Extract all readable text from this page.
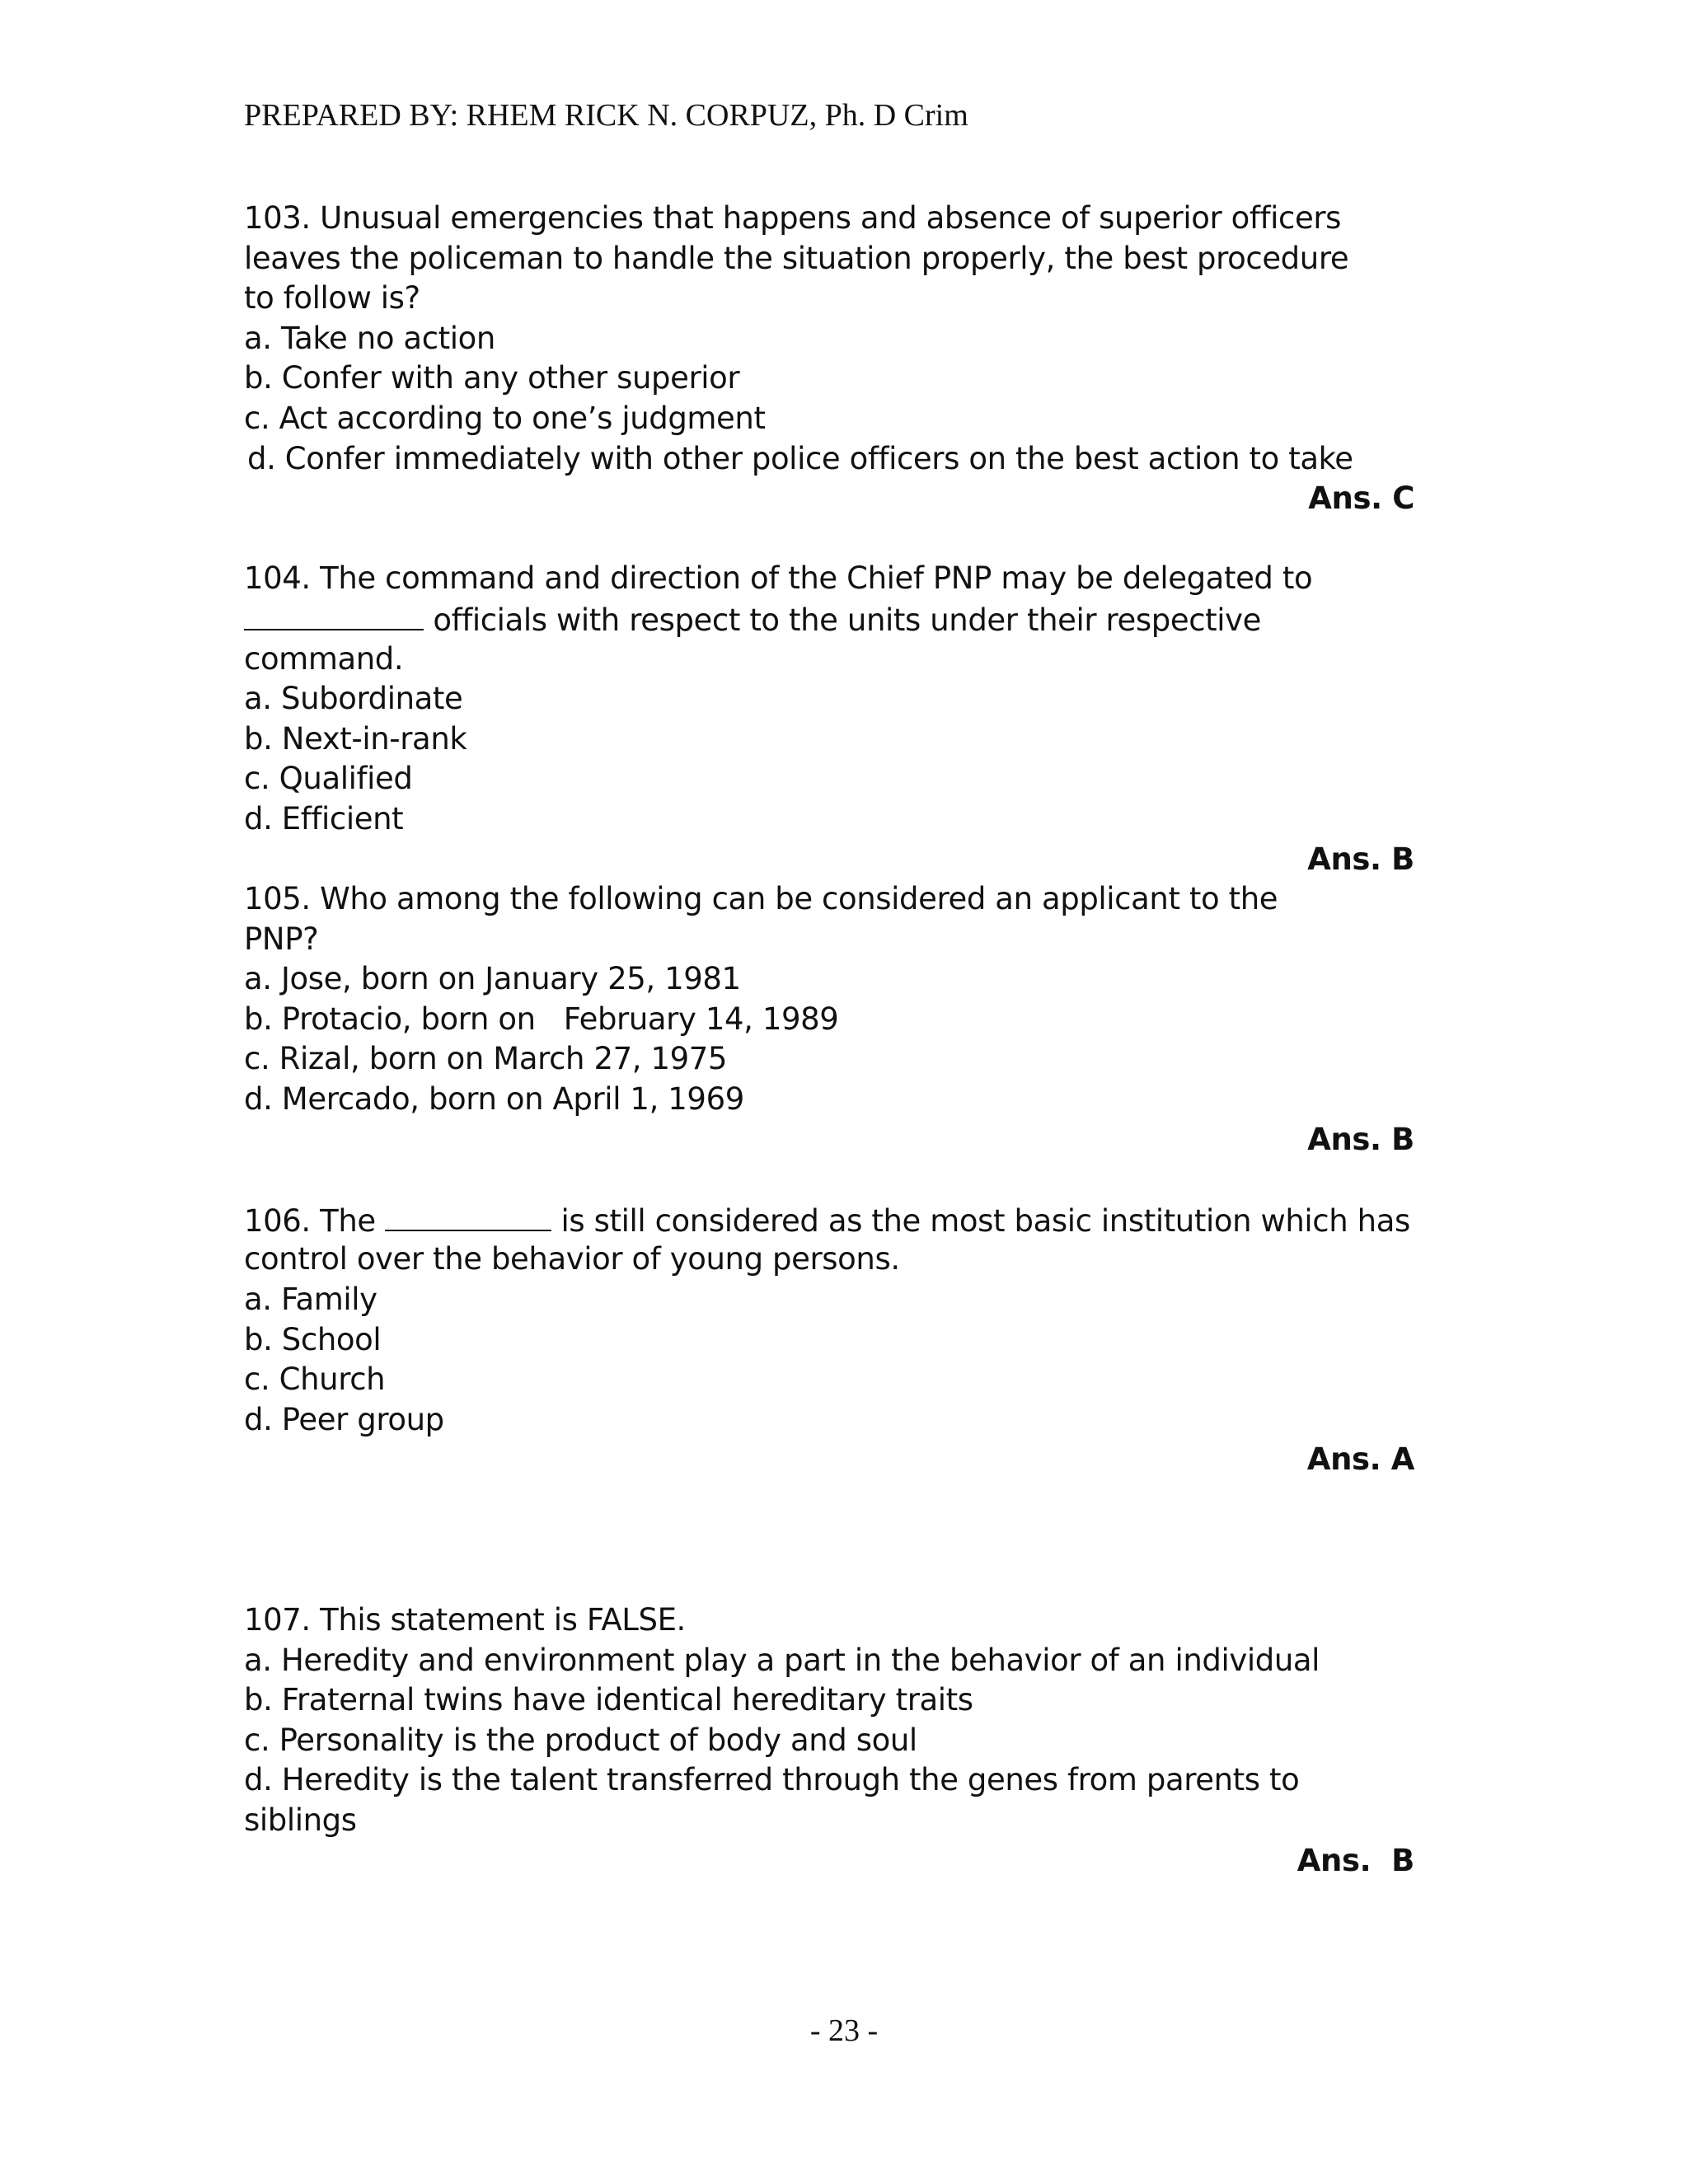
PREPARED BY: RHEM RICK N. CORPUZ, Ph. D Crim
103. Unusual emergencies that happens and absence of superior officers
leaves the policeman to handle the situation properly, the best procedure
to follow is?
a. Take no action
b. Confer with any other superior
c. Act according to one’s judgment
d. Confer immediately with other police officers on the best action to take
Ans. C
104. The command and direction of the Chief PNP may be delegated to
officials with respect to the units under their respective
command.
a. Subordinate
b. Next-in-rank
c. Qualified
d. Efficient
Ans. B
105. Who among the following can be considered an applicant to the
PNP?
a. Jose, born on January 25, 1981
b. Protacio, born on   February 14, 1989
c. Rizal, born on March 27, 1975
d. Mercado, born on April 1, 1969
Ans. B
106. The	is still considered as the most basic institution which has
control over the behavior of young persons.
a. Family
b. School
c. Church
d. Peer group
Ans. A
107. This statement is FALSE.
a. Heredity and environment play a part in the behavior of an individual
b. Fraternal twins have identical hereditary traits
c. Personality is the product of body and soul
d. Heredity is the talent transferred through the genes from parents to
siblings
Ans.  B
- 23 -
